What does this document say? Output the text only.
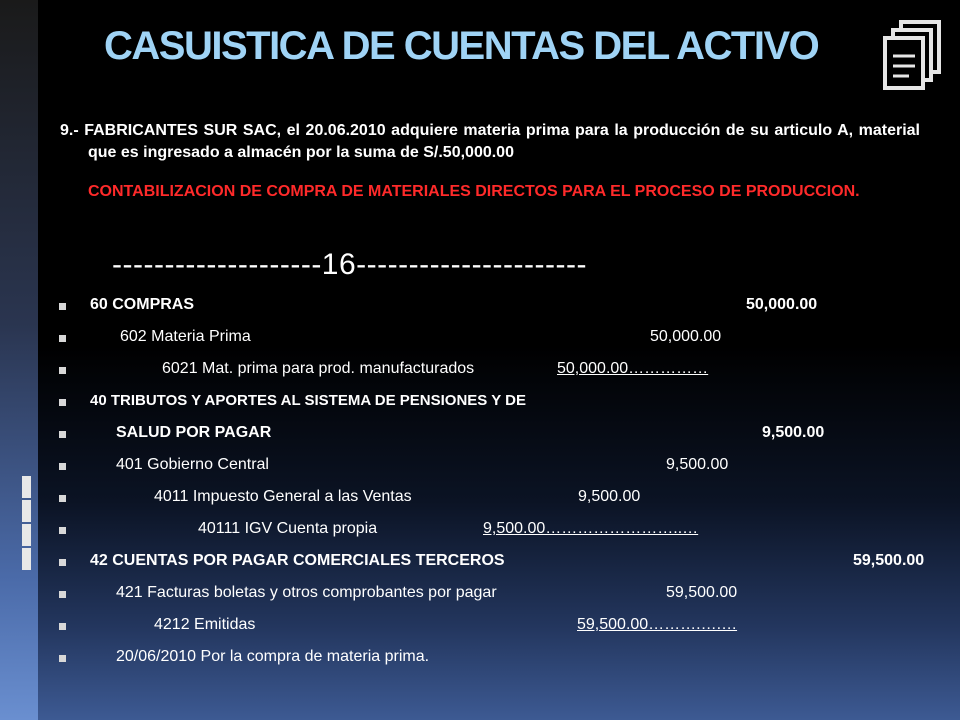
CASUISTICA DE CUENTAS DEL ACTIVO
9.- FABRICANTES SUR SAC, el 20.06.2010 adquiere materia prima para la producción de su articulo A, material que es ingresado a almacén por la suma de S/.50,000.00
CONTABILIZACION DE COMPRA DE MATERIALES DIRECTOS PARA EL PROCESO DE PRODUCCION.
--------------------16----------------------
60 COMPRAS	50,000.00
602 Materia Prima	50,000.00
6021 Mat. prima para prod. manufacturados	50,000.00……………
40 TRIBUTOS Y APORTES AL SISTEMA DE PENSIONES Y DE
SALUD POR PAGAR	9,500.00
401 Gobierno Central	9,500.00
4011 Impuesto General a las Ventas	9,500.00
40111 IGV Cuenta propia	9,500.00……………………..…
42 CUENTAS POR PAGAR COMERCIALES TERCEROS	59,500.00
421 Facturas boletas y otros comprobantes por pagar	59,500.00
4212 Emitidas	59,500.00……….….…
20/06/2010 Por la compra de materia prima.
